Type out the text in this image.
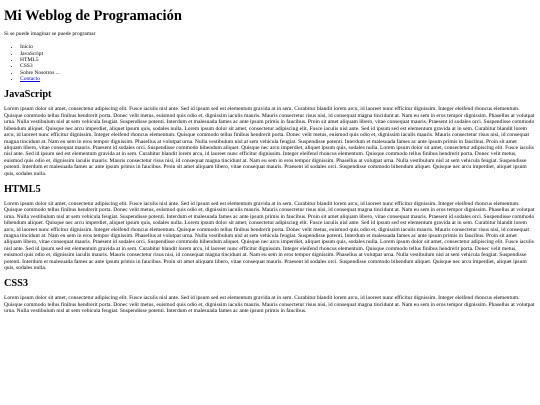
Mi Weblog de Programación

Si se puede imaginar se puede programar

• Inicio
• JavaScript
• HTML5
• CSS3
• Sobre Nosotros ...
• Contacto
JavaScript

Lorem ipsum dolor sit amet, consectetur adipiscing elit. Fusce iaculis nisl ante. Sed id ipsum sed est elementum gravida at in sem. Curabitur blandit lorem arcu, id laoreet nunc efficitur dignissim. Integer eleifend rhoncus elementum. Quisque commodo tellus finibus hendrerit porta. Donec velit metus, euismod quis odio et, dignissim iaculis mauris. Mauris consectetur risus nisi, id consequat magna tincidunt at. Nam eu sem in eros tempor dignissim. Phasellus at volutpat urna. Nulla vestibulum nisl at sem vehicula feugiat. Suspendisse potenti. Interdum et malesuada fames ac ante ipsum primis in faucibus. Proin sit amet aliquam libero, vitae consequat mauris. Praesent id sodales orci. Suspendisse commodo bibendum aliquet. Quisque nec arcu imperdiet, aliquet ipsum quis, sodales nulla. Lorem ipsum dolor sit amet, consectetur adipiscing elit. Fusce iaculis nisl ante. Sed id ipsum sed est elementum gravida at in sem. Curabitur blandit lorem arcu, id laoreet nunc efficitur dignissim. Integer eleifend rhoncus elementum. Quisque commodo tellus finibus hendrerit porta. Donec velit metus, euismod quis odio et, dignissim iaculis mauris. Mauris consectetur risus nisi, id consequat magna tincidunt at. Nam eu sem in eros tempor dignissim. Phasellus at volutpat urna. Nulla vestibulum nisl at sem vehicula feugiat. Suspendisse potenti. Interdum et malesuada fames ac ante ipsum primis in faucibus. Proin sit amet aliquam libero, vitae consequat mauris. Praesent id sodales orci. Suspendisse commodo bibendum aliquet. Quisque nec arcu imperdiet, aliquet ipsum quis, sodales nulla. Lorem ipsum dolor sit amet, consectetur adipiscing elit. Fusce iaculis nisl ante. Sed id ipsum sed est elementum gravida at in sem. Curabitur blandit lorem arcu, id laoreet nunc efficitur dignissim. Integer eleifend rhoncus elementum. Quisque commodo tellus finibus hendrerit porta. Donec velit metus, euismod quis odio et, dignissim iaculis mauris. Mauris consectetur risus nisi, id consequat magna tincidunt at. Nam eu sem in eros tempor dignissim. Phasellus at volutpat urna. Nulla vestibulum nisl at sem vehicula feugiat. Suspendisse potenti. Interdum et malesuada fames ac ante ipsum primis in faucibus. Proin sit amet aliquam libero, vitae consequat mauris. Praesent id sodales orci. Suspendisse commodo bibendum aliquet. Quisque nec arcu imperdiet, aliquet ipsum quis, sodales nulla.

HTML5

Lorem ipsum dolor sit amet, consectetur adipiscing elit. Fusce iaculis nisl ante. Sed id ipsum sed est elementum gravida at in sem. Curabitur blandit lorem arcu, id laoreet nunc efficitur dignissim. Integer eleifend rhoncus elementum. Quisque commodo tellus finibus hendrerit porta. Donec velit metus, euismod quis odio et, dignissim iaculis mauris. Mauris consectetur risus nisi, id consequat magna tincidunt at. Nam eu sem in eros tempor dignissim. Phasellus at volutpat urna. Nulla vestibulum nisl at sem vehicula feugiat. Suspendisse potenti. Interdum et malesuada fames ac ante ipsum primis in faucibus. Proin sit amet aliquam libero, vitae consequat mauris. Praesent id sodales orci. Suspendisse commodo bibendum aliquet. Quisque nec arcu imperdiet, aliquet ipsum quis, sodales nulla. Lorem ipsum dolor sit amet, consectetur adipiscing elit. Fusce iaculis nisl ante. Sed id ipsum sed est elementum gravida at in sem. Curabitur blandit lorem arcu, id laoreet nunc efficitur dignissim. Integer eleifend rhoncus elementum. Quisque commodo tellus finibus hendrerit porta. Donec velit metus, euismod quis odio et, dignissim iaculis mauris. Mauris consectetur risus nisi, id consequat magna tincidunt at. Nam eu sem in eros tempor dignissim. Phasellus at volutpat urna. Nulla vestibulum nisl at sem vehicula feugiat. Suspendisse potenti. Interdum et malesuada fames ac ante ipsum primis in faucibus. Proin sit amet aliquam libero, vitae consequat mauris. Praesent id sodales orci. Suspendisse commodo bibendum aliquet. Quisque nec arcu imperdiet, aliquet ipsum quis, sodales nulla. Lorem ipsum dolor sit amet, consectetur adipiscing elit. Fusce iaculis nisl ante. Sed id ipsum sed est elementum gravida at in sem. Curabitur blandit lorem arcu, id laoreet nunc efficitur dignissim. Integer eleifend rhoncus elementum. Quisque commodo tellus finibus hendrerit porta. Donec velit metus, euismod quis odio et, dignissim iaculis mauris. Mauris consectetur risus nisi, id consequat magna tincidunt at. Nam eu sem in eros tempor dignissim. Phasellus at volutpat urna. Nulla vestibulum nisl at sem vehicula feugiat. Suspendisse potenti. Interdum et malesuada fames ac ante ipsum primis in faucibus. Proin sit amet aliquam libero, vitae consequat mauris. Praesent id sodales orci. Suspendisse commodo bibendum aliquet. Quisque nec arcu imperdiet, aliquet ipsum quis, sodales nulla.

CSS3

Lorem ipsum dolor sit amet, consectetur adipiscing elit. Fusce iaculis nisl ante. Sed id ipsum sed est elementum gravida at in sem. Curabitur blandit lorem arcu, id laoreet nunc efficitur dignissim. Integer eleifend rhoncus elementum. Quisque commodo tellus finibus hendrerit porta. Donec velit metus, euismod quis odio et, dignissim iaculis mauris. Mauris consectetur risus nisi, id consequat magna tincidunt at. Nam eu sem in eros tempor dignissim. Phasellus at volutpat urna. Nulla vestibulum nisl at sem vehicula feugiat. Suspendisse potenti. Interdum et malesuada fames ac ante ipsum primis in faucibus.
